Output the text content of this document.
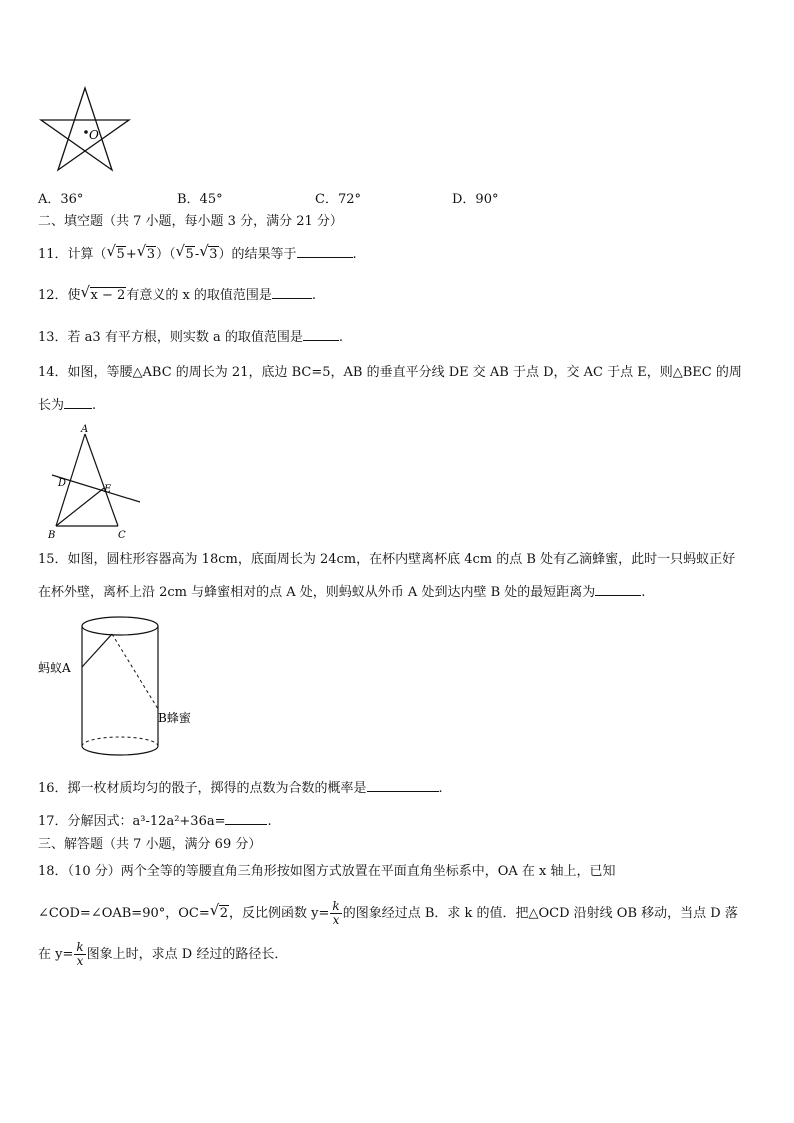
O
A．36°	B．45°	C．72°	D．90°
二、填空题（共 7 小题，每小题 3 分，满分 21 分）
11．计算（ √ 5+ √ 3）（ √ 5- √ 3）的结果等于	.
12．使 √ x − 2有意义的 x 的取值范围是	.
13．若 a3 有平方根，则实数 a 的取值范围是	.
14．如图，等腰△ABC 的周长为 21，底边 BC=5，AB 的垂直平分线 DE 交 AB 于点 D，交 AC 于点 E，则△BEC 的周
长为 .
A
D
E
B	C
15．如图，圆柱形容器高为 18cm，底面周长为 24cm，在杯内壁离杯底 4cm 的点 B 处有乙滴蜂蜜，此时一只蚂蚁正好
在杯外壁，离杯上沿 2cm 与蜂蜜相对的点 A 处，则蚂蚁从外币 A 处到达内壁 B 处的最短距离为	.
蚂蚁A
B蜂蜜
16．掷一枚材质均匀的骰子，掷得的点数为合数的概率是	.
17．分解因式：a³-12a²+36a=	.
三、解答题（共 7 小题，满分 69 分）
18．（10 分）两个全等的等腰直角三角形按如图方式放置在平面直角坐标系中，OA 在 x 轴上，已知
∠COD=∠OAB=90°，OC= √ 2，反比例函数 $y= \frac{k}{x}$ 的图象经过点 B．求 k 的值．把△OCD 沿射线 OB 移动，当点 D 落
在 $y= \frac{k}{x}$ 图象上时，求点 D 经过的路径长．
